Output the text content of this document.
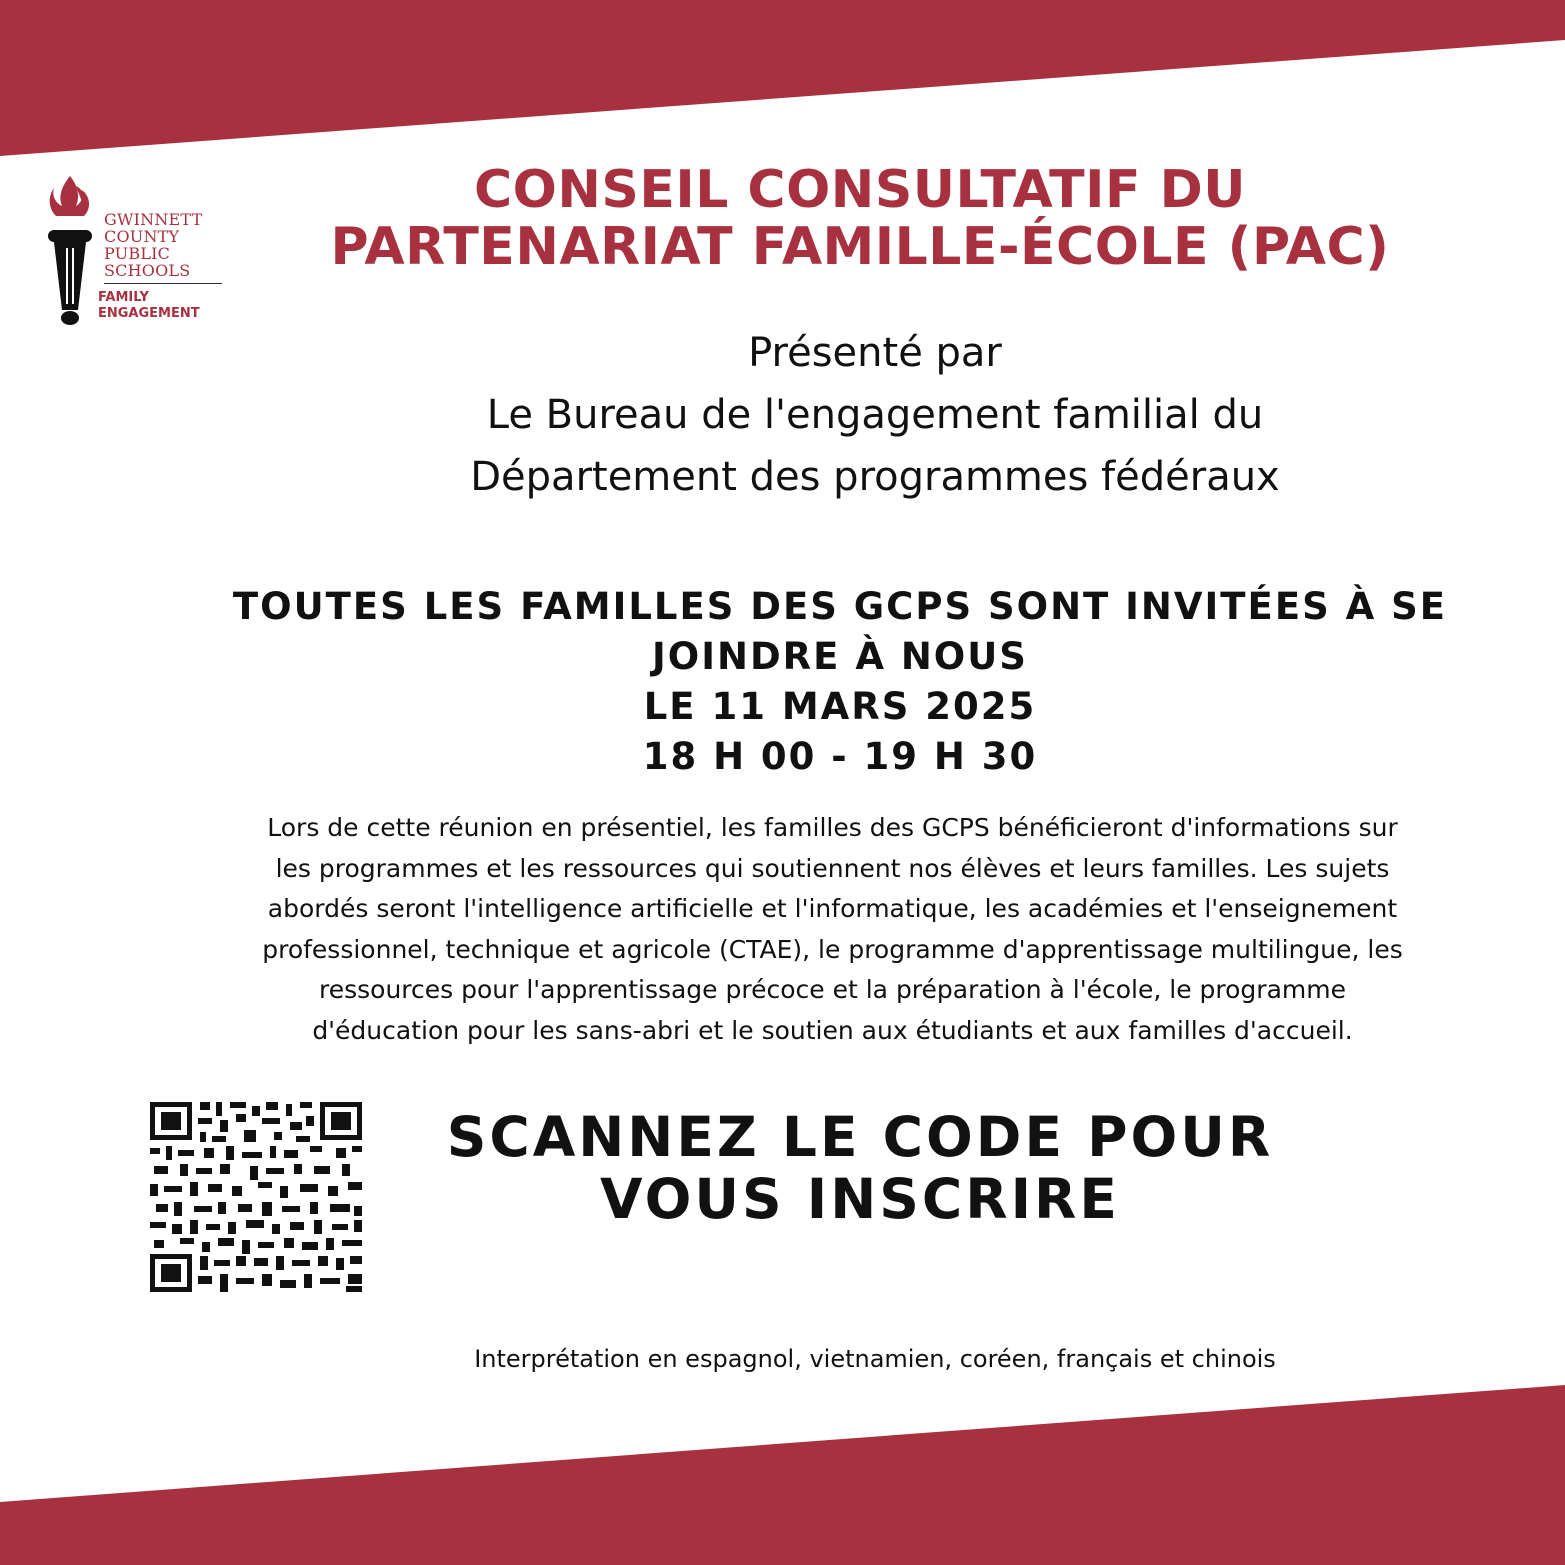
GWINNETT
COUNTY
PUBLIC
SCHOOLS
FAMILY
ENGAGEMENT
CONSEIL CONSULTATIF DU
PARTENARIAT FAMILLE-ÉCOLE (PAC)
Présenté par
Le Bureau de l'engagement familial du
Département des programmes fédéraux
TOUTES LES FAMILLES DES GCPS SONT INVITÉES À SE
JOINDRE À NOUS
LE 11 MARS 2025
18 H 00 - 19 H 30
Lors de cette réunion en présentiel, les familles des GCPS bénéficieront d'informations sur
les programmes et les ressources qui soutiennent nos élèves et leurs familles. Les sujets
abordés seront l'intelligence artificielle et l'informatique, les académies et l'enseignement
professionnel, technique et agricole (CTAE), le programme d'apprentissage multilingue, les
ressources pour l'apprentissage précoce et la préparation à l'école, le programme
d'éducation pour les sans-abri et le soutien aux étudiants et aux familles d'accueil.
SCANNEZ LE CODE POUR
VOUS INSCRIRE
Interprétation en espagnol, vietnamien, coréen, français et chinois
